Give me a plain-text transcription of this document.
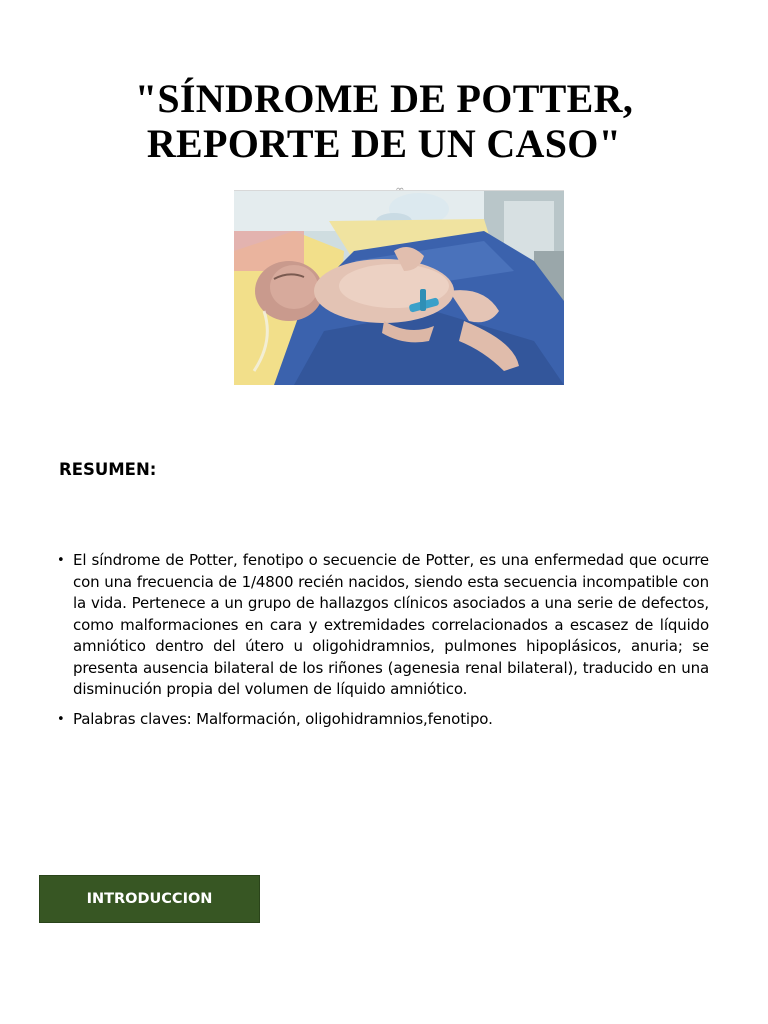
"SÍNDROME DE POTTER,
REPORTE DE UN CASO"
RESUMEN:
• El síndrome de Potter, fenotipo o secuencie de Potter, es una enfermedad que ocurre con una frecuencia de 1/4800 recién nacidos, siendo esta secuencia incompatible con la vida. Pertenece a un grupo de hallazgos clínicos asociados a una serie de defectos, como malformaciones en cara y extremidades correlacionados a escasez de líquido amniótico dentro del útero u oligohidramnios, pulmones hipoplásicos, anuria; se presenta ausencia bilateral de los riñones (agenesia renal bilateral), traducido en una disminución propia del volumen de líquido amniótico.
• Palabras claves: Malformación, oligohidramnios,fenotipo.
INTRODUCCION
